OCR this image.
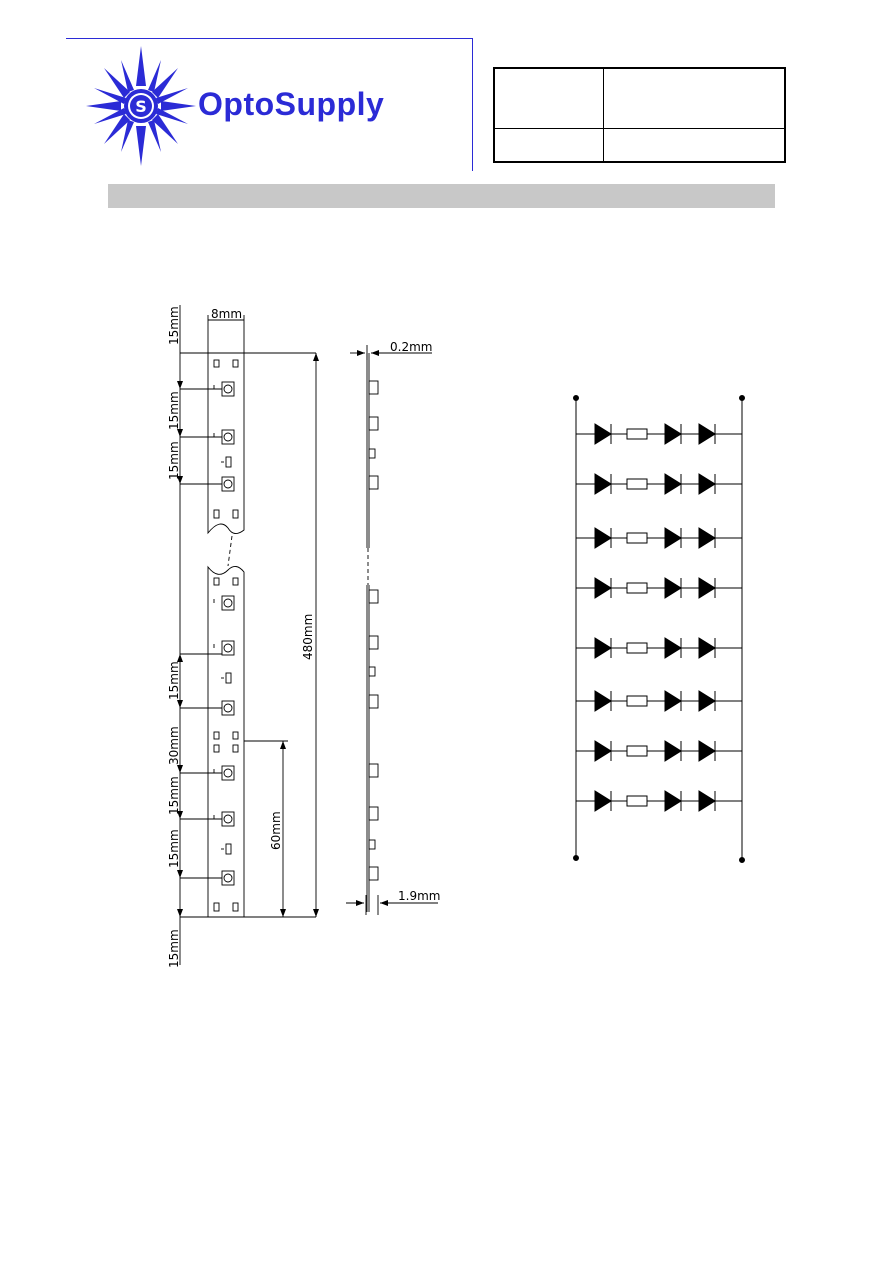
S OptoSupply
8mm
15mm
15mm
15mm
15mm
30mm
15mm
15mm
15mm
480mm
60mm
0.2mm
1.9mm
